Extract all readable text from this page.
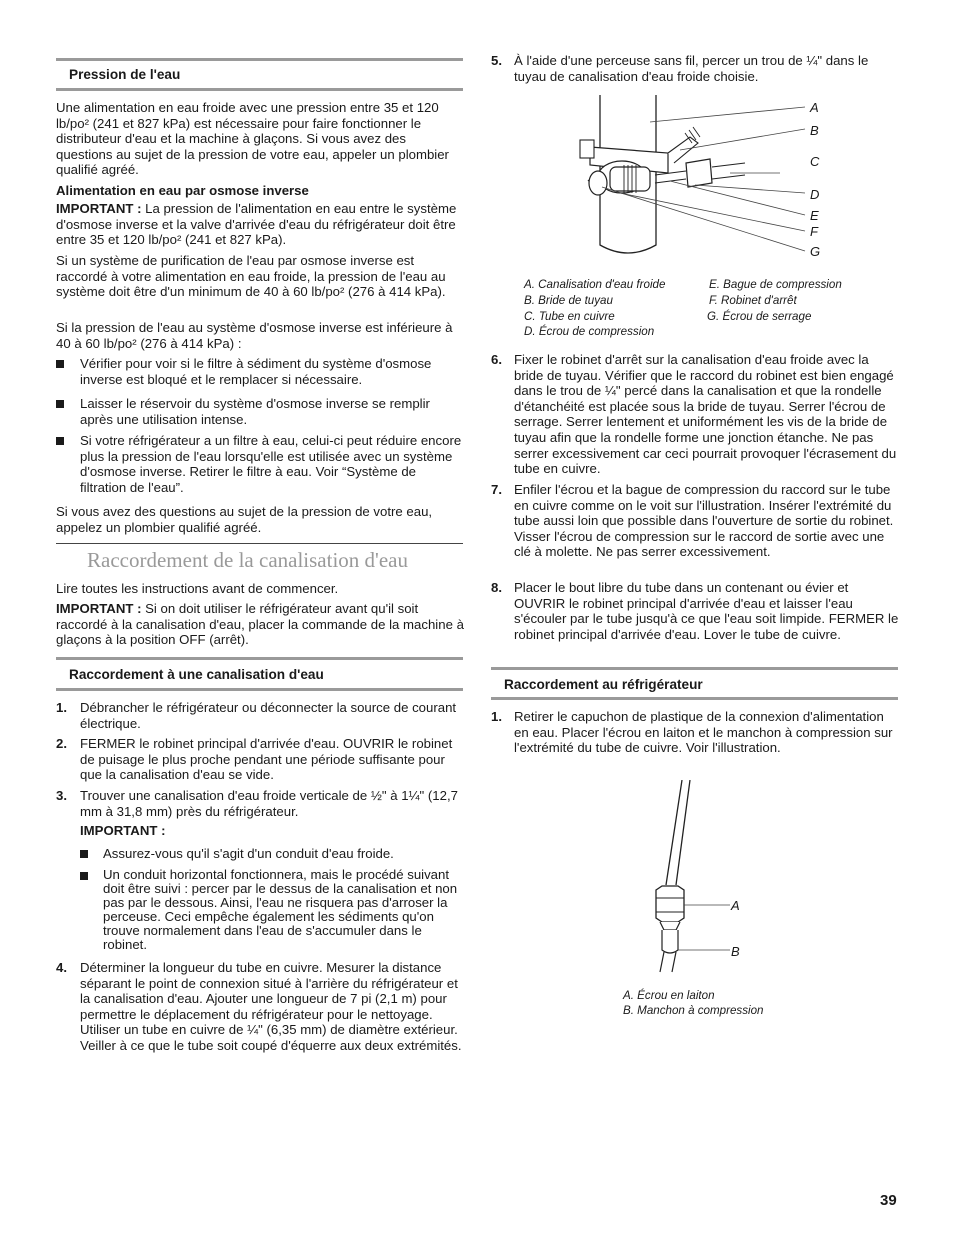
Pression de l'eau

Une alimentation en eau froide avec une pression entre 35 et 120 lb/po² (241 et 827 kPa) est nécessaire pour faire fonctionner le distributeur d'eau et la machine à glaçons. Si vous avez des questions au sujet de la pression de votre eau, appeler un plombier qualifié agréé.

Alimentation en eau par osmose inverse

IMPORTANT : La pression de l'alimentation en eau entre le système d'osmose inverse et la valve d'arrivée d'eau du réfrigérateur doit être entre 35 et 120 lb/po² (241 et 827 kPa).

Si un système de purification de l'eau par osmose inverse est raccordé à votre alimentation en eau froide, la pression de l'eau au système doit être d'un minimum de 40 à 60 lb/po² (276 à 414 kPa).

Si la pression de l'eau au système d'osmose inverse est inférieure à 40 à 60 lb/po² (276 à 414 kPa) :

Vérifier pour voir si le filtre à sédiment du système d'osmose inverse est bloqué et le remplacer si nécessaire.

Laisser le réservoir du système d'osmose inverse se remplir après une utilisation intense.

Si votre réfrigérateur a un filtre à eau, celui-ci peut réduire encore plus la pression de l'eau lorsqu'elle est utilisée avec un système d'osmose inverse. Retirer le filtre à eau. Voir “Système de filtration de l'eau”.

Si vous avez des questions au sujet de la pression de votre eau, appelez un plombier qualifié agréé.

Raccordement de la canalisation d'eau

Lire toutes les instructions avant de commencer.

IMPORTANT : Si on doit utiliser le réfrigérateur avant qu'il soit raccordé à la canalisation d'eau, placer la commande de la machine à glaçons à la position OFF (arrêt).

Raccordement à une canalisation d'eau
1. Débrancher le réfrigérateur ou déconnecter la source de courant électrique.

2. FERMER le robinet principal d'arrivée d'eau. OUVRIR le robinet de puisage le plus proche pendant une période suffisante pour que la canalisation d'eau se vide.

3. Trouver une canalisation d'eau froide verticale de ½" à 1¼" (12,7 mm à 31,8 mm) près du réfrigérateur.

IMPORTANT :

Assurez-vous qu'il s'agit d'un conduit d'eau froide.

Un conduit horizontal fonctionnera, mais le procédé suivant doit être suivi : percer par le dessus de la canalisation et non pas par le dessous. Ainsi, l'eau ne risquera pas d'arroser la perceuse. Ceci empêche également les sédiments qu'on trouve normalement dans l'eau de s'accumuler dans le robinet.

4. Déterminer la longueur du tube en cuivre. Mesurer la distance séparant le point de connexion situé à l'arrière du réfrigérateur et la canalisation d'eau. Ajouter une longueur de 7 pi (2,1 m) pour permettre le déplacement du réfrigérateur pour le nettoyage. Utiliser un tube en cuivre de ¼" (6,35 mm) de diamètre extérieur. Veiller à ce que le tube soit coupé d'équerre aux deux extrémités.

5. À l'aide d'une perceuse sans fil, percer un trou de ¼" dans le tuyau de canalisation d'eau froide choisie.

A
B
C
D
E
F
G
A. Canalisation d'eau froide
B. Bride de tuyau
C. Tube en cuivre
D. Écrou de compression
E. Bague de compression
F. Robinet d'arrêt
G. Écrou de serrage
6. Fixer le robinet d'arrêt sur la canalisation d'eau froide avec la bride de tuyau. Vérifier que le raccord du robinet est bien engagé dans le trou de ¼" percé dans la canalisation et que la rondelle d'étanchéité est placée sous la bride de tuyau. Serrer l'écrou de serrage. Serrer lentement et uniformément les vis de la bride de tuyau afin que la rondelle forme une jonction étanche. Ne pas serrer excessivement car ceci pourrait provoquer l'écrasement du tube en cuivre.

7. Enfiler l'écrou et la bague de compression du raccord sur le tube en cuivre comme on le voit sur l'illustration. Insérer l'extrémité du tube aussi loin que possible dans l'ouverture de sortie du robinet. Visser l'écrou de compression sur le raccord de sortie avec une clé à molette. Ne pas serrer excessivement.

8. Placer le bout libre du tube dans un contenant ou évier et OUVRIR le robinet principal d'arrivée d'eau et laisser l'eau s'écouler par le tube jusqu'à ce que l'eau soit limpide. FERMER le robinet principal d'arrivée d'eau. Lover le tube de cuivre.

Raccordement au réfrigérateur
1. Retirer le capuchon de plastique de la connexion d'alimentation en eau. Placer l'écrou en laiton et le manchon à compression sur l'extrémité du tube de cuivre. Voir l'illustration.

A
B
A. Écrou en laiton
B. Manchon à compression
39
